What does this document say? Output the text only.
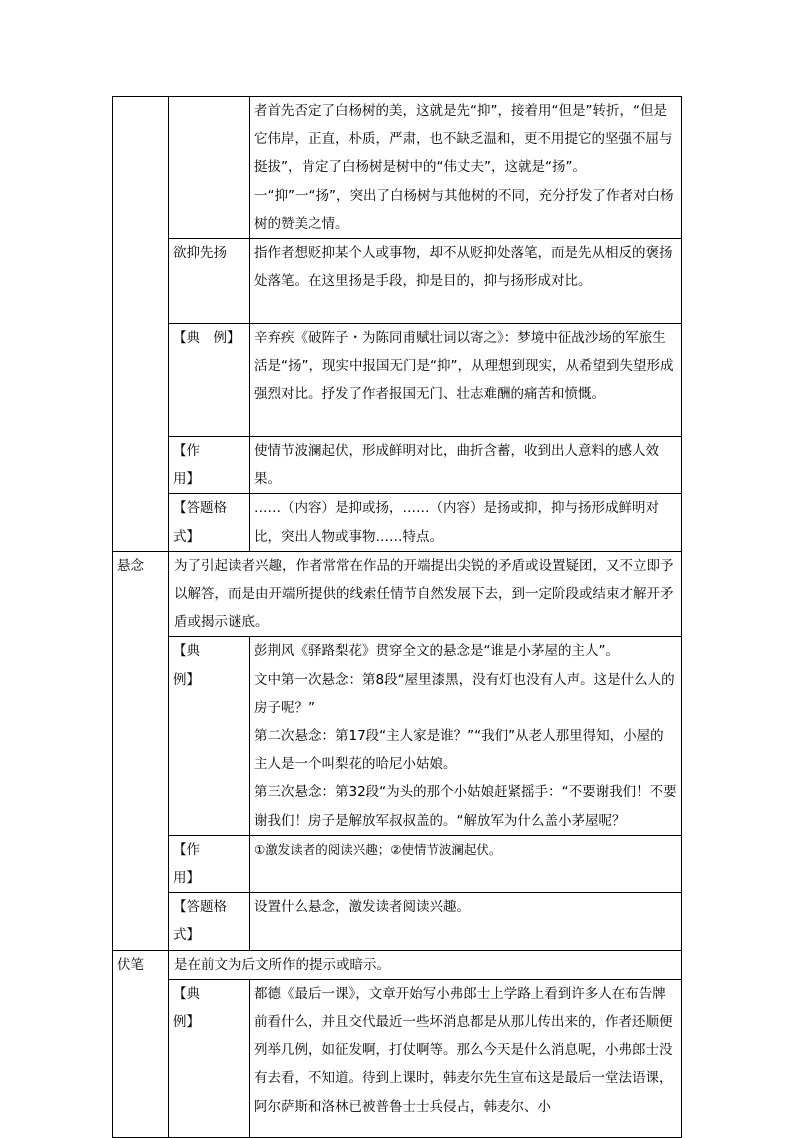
		者首先否定了白杨树的美，这就是先“抑”，接着用“但是”转折，“但是它伟岸，正直，朴质，严肃，也不缺乏温和，更不用提它的坚强不屈与挺拔”，肯定了白杨树是树中的“伟丈夫”，这就是“扬”。一“抑”一“扬”，突出了白杨树与其他树的不同，充分抒发了作者对白杨树的赞美之情。
	欲抑先扬	指作者想贬抑某个人或事物，却不从贬抑处落笔，而是先从相反的褒扬处落笔。在这里扬是手段，抑是目的，抑与扬形成对比。
	【典　例】	辛弃疾《破阵子・为陈同甫赋壮词以寄之》：梦境中征战沙场的军旅生活是“扬”，现实中报国无门是“抑”，从理想到现实，从希望到失望形成强烈对比。抒发了作者报国无门、壮志难酬的痛苦和愤慨。
	【作　　用】	使情节波澜起伏，形成鲜明对比，曲折含蓄，收到出人意料的感人效果。
	【答题格式】	……（内容）是抑或扬，……（内容）是扬或抑，抑与扬形成鲜明对比，突出人物或事物……特点。
悬念	为了引起读者兴趣，作者常常在作品的开端提出尖锐的矛盾或设置疑团，又不立即予以解答，而是由开端所提供的线索任情节自然发展下去，到一定阶段或结束才解开矛盾或揭示谜底。	
	【典　　例】	彭荆风《驿路梨花》贯穿全文的悬念是“谁是小茅屋的主人”。

文中第一次悬念：第8段“屋里漆黑，没有灯也没有人声。这是什么人的房子呢？”

第二次悬念：第17段“主人家是谁？”“我们”从老人那里得知，小屋的主人是一个叫梨花的哈尼小姑娘。

第三次悬念：第32段“为头的那个小姑娘赶紧摇手：“不要谢我们！不要谢我们！房子是解放军叔叔盖的。“解放军为什么盖小茅屋呢？

	【作　　用】	①激发读者的阅读兴趣；②使情节波澜起伏。
	【答题格式】	设置什么悬念，激发读者阅读兴趣。
伏笔	是在前文为后文所作的提示或暗示。	
	【典　　例】	都德《最后一课》，文章开始写小弗郎士上学路上看到许多人在布告牌前看什么，并且交代最近一些坏消息都是从那儿传出来的，作者还顺便列举几例，如征发啊，打仗啊等。那么今天是什么消息呢，小弗郎士没有去看，不知道。待到上课时，韩麦尔先生宣布这是最后一堂法语课，阿尔萨斯和洛林已被普鲁士士兵侵占，韩麦尔、小
